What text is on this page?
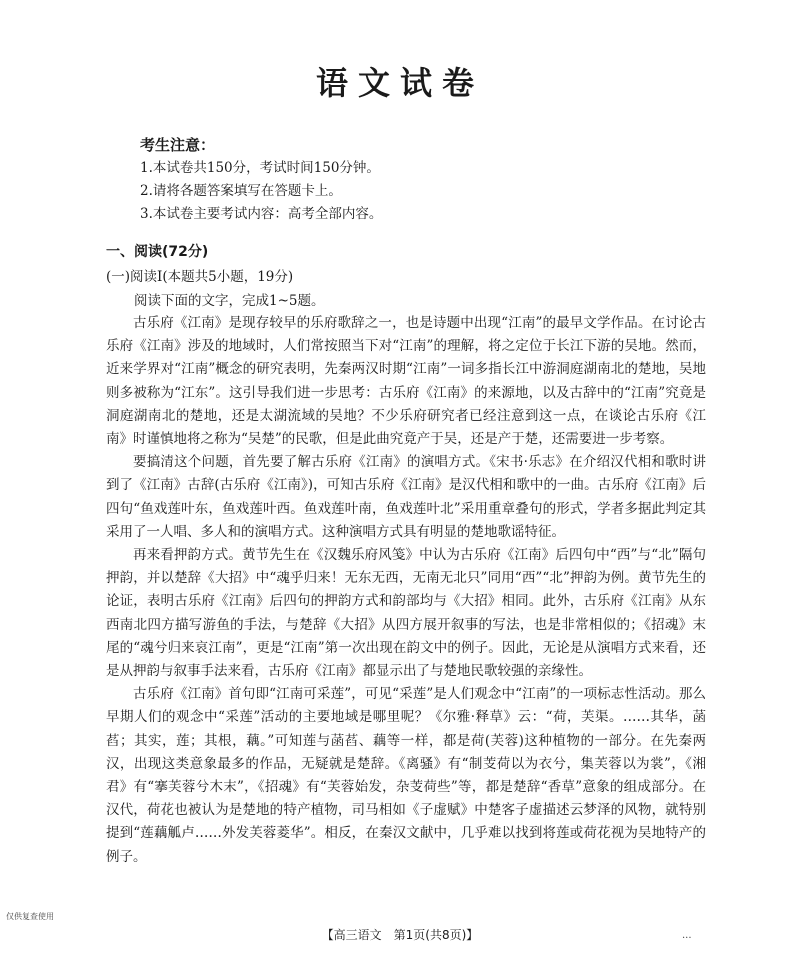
语文试卷
考生注意：
1.本试卷共150分，考试时间150分钟。
2.请将各题答案填写在答题卡上。
3.本试卷主要考试内容：高考全部内容。
一、阅读(72分)
(一)阅读Ⅰ(本题共5小题，19分)
阅读下面的文字，完成1~5题。

古乐府《江南》是现存较早的乐府歌辞之一，也是诗题中出现“江南”的最早文学作品。在讨论古乐府《江南》涉及的地域时，人们常按照当下对“江南”的理解，将之定位于长江下游的吴地。然而，近来学界对“江南”概念的研究表明，先秦两汉时期“江南”一词多指长江中游洞庭湖南北的楚地，吴地则多被称为“江东”。这引导我们进一步思考：古乐府《江南》的来源地，以及古辞中的“江南”究竟是洞庭湖南北的楚地，还是太湖流域的吴地？不少乐府研究者已经注意到这一点，在谈论古乐府《江南》时谨慎地将之称为“吴楚”的民歌，但是此曲究竟产于吴，还是产于楚，还需要进一步考察。

要搞清这个问题，首先要了解古乐府《江南》的演唱方式。《宋书·乐志》在介绍汉代相和歌时讲到了《江南》古辞(古乐府《江南》)，可知古乐府《江南》是汉代相和歌中的一曲。古乐府《江南》后四句“鱼戏莲叶东，鱼戏莲叶西。鱼戏莲叶南，鱼戏莲叶北”采用重章叠句的形式，学者多据此判定其采用了一人唱、多人和的演唱方式。这种演唱方式具有明显的楚地歌谣特征。

再来看押韵方式。黄节先生在《汉魏乐府风笺》中认为古乐府《江南》后四句中“西”与“北”隔句押韵，并以楚辞《大招》中“魂乎归来！无东无西，无南无北只”同用“西”“北”押韵为例。黄节先生的论证，表明古乐府《江南》后四句的押韵方式和韵部均与《大招》相同。此外，古乐府《江南》从东西南北四方描写游鱼的手法，与楚辞《大招》从四方展开叙事的写法，也是非常相似的；《招魂》末尾的“魂兮归来哀江南”，更是“江南”第一次出现在韵文中的例子。因此，无论是从演唱方式来看，还是从押韵与叙事手法来看，古乐府《江南》都显示出了与楚地民歌较强的亲缘性。

古乐府《江南》首句即“江南可采莲”，可见“采莲”是人们观念中“江南”的一项标志性活动。那么早期人们的观念中“采莲”活动的主要地域是哪里呢？《尔雅·释草》云：“荷，芙渠。……其华，菡萏；其实，莲；其根，藕。”可知莲与菡萏、藕等一样，都是荷(芙蓉)这种植物的一部分。在先秦两汉，出现这类意象最多的作品，无疑就是楚辞。《离骚》有“制芰荷以为衣兮，集芙蓉以为裳”，《湘君》有“搴芙蓉兮木末”，《招魂》有“芙蓉始发，杂芰荷些”等，都是楚辞“香草”意象的组成部分。在汉代，荷花也被认为是楚地的特产植物，司马相如《子虚赋》中楚客子虚描述云梦泽的风物，就特别提到“莲藕觚卢……外发芙蓉菱华”。相反，在秦汉文献中，几乎难以找到将莲或荷花视为吴地特产的例子。

仅供复查使用
【高三语文　第1页(共8页)】	...
